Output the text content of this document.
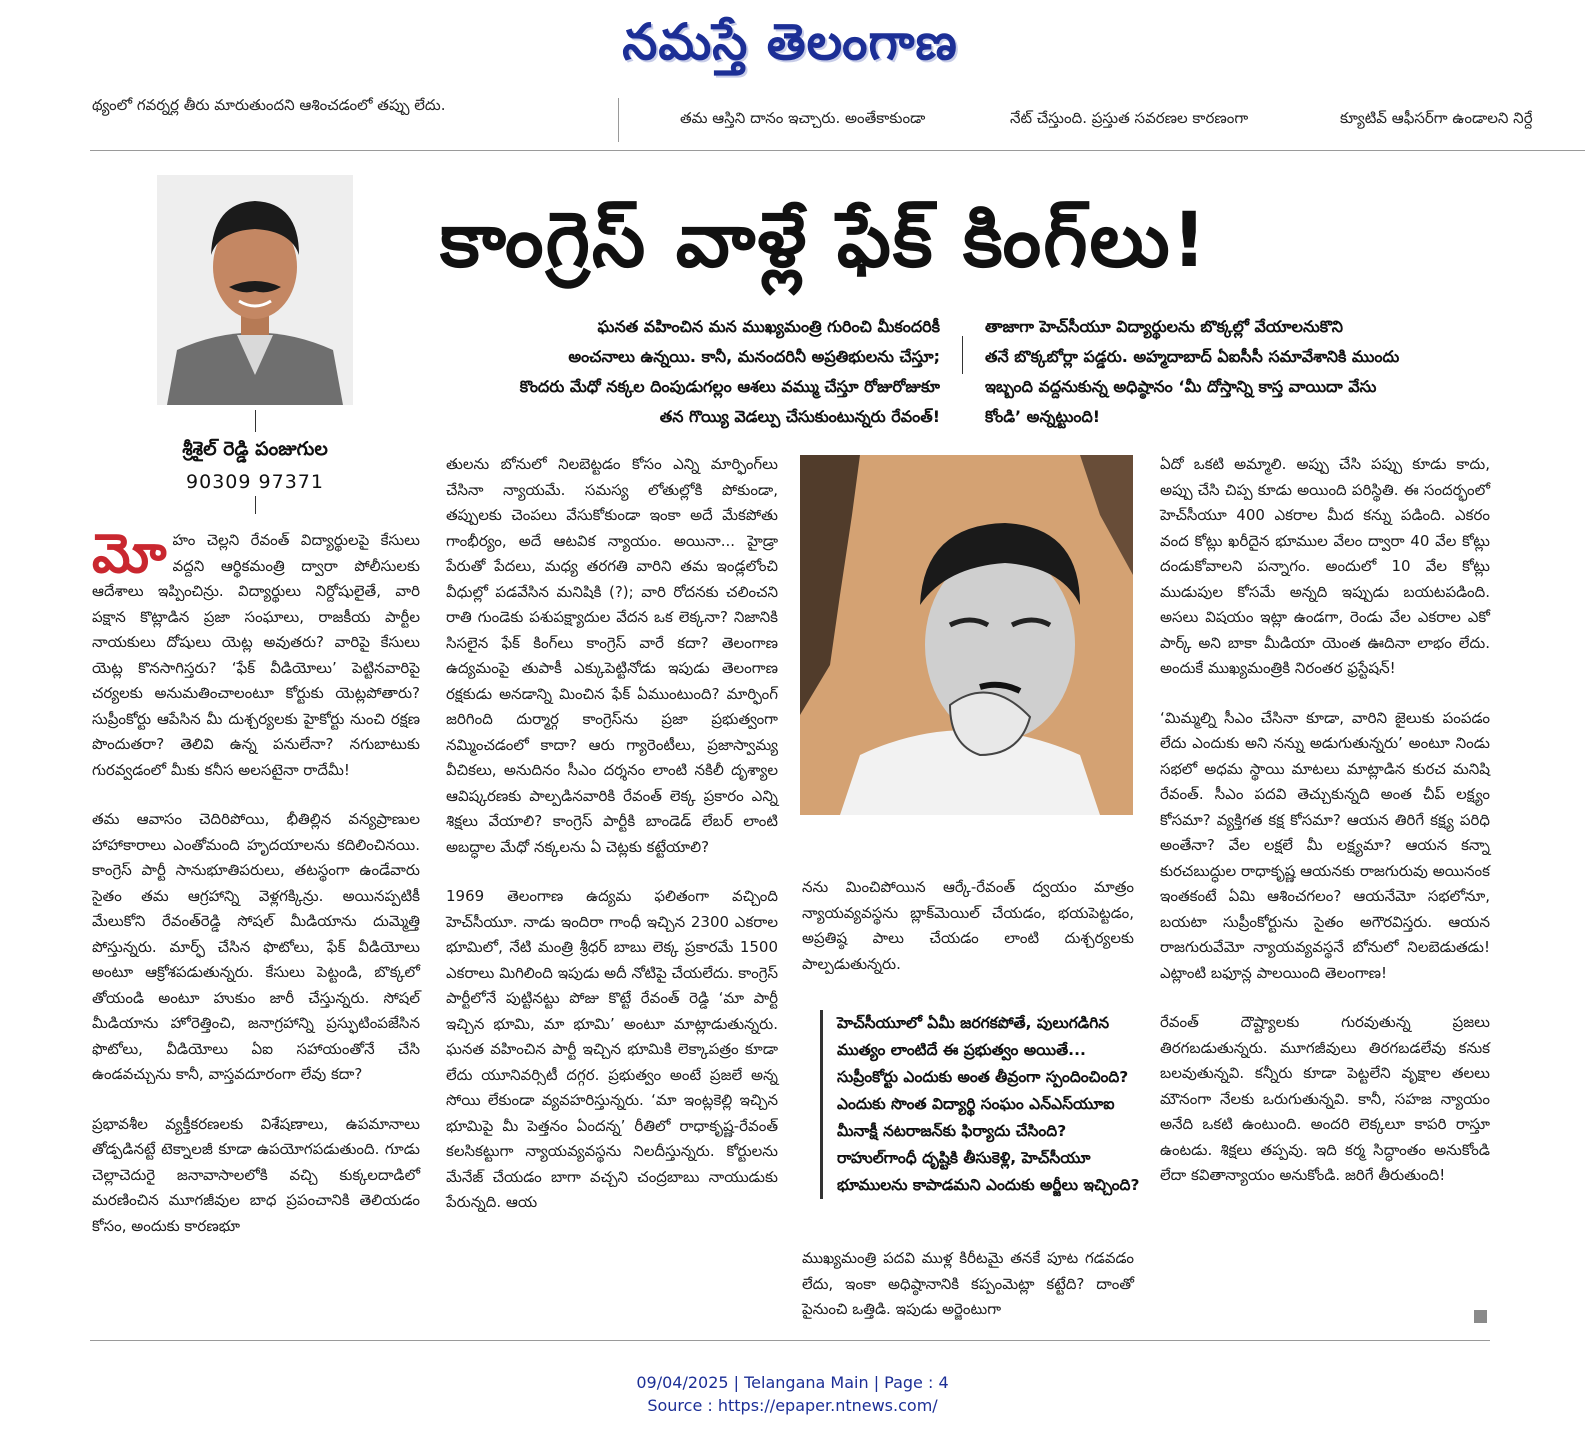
నమస్తే తెలంగాణ
థ్యంలో గవర్నర్ల తీరు మారుతుందని ఆశించడంలో తప్పు లేదు.
తమ ఆస్తిని దానం ఇచ్చారు. అంతేకాకుండా	నేట్ చేస్తుంది. ప్రస్తుత సవరణల కారణంగా	క్యూటివ్ ఆఫీసర్‌గా ఉండాలని నిర్దే
శ్రీశైల్ రెడ్డి పంజుగుల
90309 97371
కాంగ్రెస్ వాళ్లే ఫేక్ కింగ్‌లు!

ఘనత వహించిన మన ముఖ్యమంత్రి గురించి మీకందరికీ

అంచనాలు ఉన్నయి. కానీ, మనందరినీ అప్రతిభులను చేస్తూ;

కొందరు మేధో నక్కల దింపుడుగల్లం ఆశలు వమ్ము చేస్తూ రోజురోజుకూ

తన గొయ్యి వెడల్పు చేసుకుంటున్నరు రేవంత్!

తాజాగా హెచ్‌సీయూ విద్యార్థులను బొక్కల్లో వేయాలనుకొని

తనే బొక్కబోర్లా పడ్డరు. అహ్మదాబాద్ ఏఐసీసీ సమావేశానికి ముందు

ఇబ్బంది వద్దనుకున్న అధిష్ఠానం ‘మీ దోస్తాన్ని కాస్త వాయిదా వేసు

కోండి’ అన్నట్టుంది!

మోహం చెల్లని రేవంత్ విద్యార్థులపై కేసులు వద్దని ఆర్థికమంత్రి ద్వారా పోలీసులకు ఆదేశాలు ఇప్పించిన్రు. విద్యార్థులు నిర్దోషులైతే, వారి పక్షాన కొట్లాడిన ప్రజా సంఘాలు, రాజకీయ పార్టీల నాయకులు దోషులు యెట్ల అవుతరు? వారిపై కేసులు యెట్ల కొనసాగిస్తరు? ‘ఫేక్ వీడియోలు’ పెట్టినవారిపై చర్యలకు అనుమతించాలంటూ కోర్టుకు యెట్లపోతారు? సుప్రీంకోర్టు ఆపేసిన మీ దుశ్చర్యలకు హైకోర్టు నుంచి రక్షణ పొందుతరా? తెలివి ఉన్న పనులేనా? నగుబాటుకు గురవ్వడంలో మీకు కనీస అలసటైనా రాదేమీ!

తమ ఆవాసం చెదిరిపోయి, భీతిల్లిన వన్యప్రాణుల హాహాకారాలు ఎంతోమంది హృదయాలను కదిలించినయి. కాంగ్రెస్ పార్టీ సానుభూతిపరులు, తటస్థంగా ఉండేవారు సైతం తమ ఆగ్రహాన్ని వెళ్లగక్కిన్రు. అయినప్పటికీ మేలుకోని రేవంత్‌రెడ్డి సోషల్ మీడియాను దుమ్మెత్తి పోస్తున్నరు. మార్ఫ్ చేసిన ఫొటోలు, ఫేక్ వీడియోలు అంటూ ఆక్రోశపడుతున్నరు. కేసులు పెట్టండి, బొక్కలో తోయండి అంటూ హుకుం జారీ చేస్తున్నరు. సోషల్ మీడియాను హోరెత్తించి, జనాగ్రహాన్ని ప్రస్ఫుటింపజేసిన ఫొటోలు, వీడియోలు ఏఐ సహాయంతోనే చేసి ఉండవచ్చును కానీ, వాస్తవదూరంగా లేవు కదా?

ప్రభావశీల వ్యక్తీకరణలకు విశేషణాలు, ఉపమానాలు తోడ్పడినట్టే టెక్నాలజీ కూడా ఉపయోగపడుతుంది. గూడు చెల్లాచెదురై జనావాసాలలోకి వచ్చి కుక్కలదాడిలో మరణించిన మూగజీవుల బాధ ప్రపంచానికి తెలియడం కోసం, అందుకు కారణభూ

తులను బోనులో నిలబెట్టడం కోసం ఎన్ని మార్ఫింగ్‌లు చేసినా న్యాయమే. సమస్య లోతుల్లోకి పోకుండా, తప్పులకు చెంపలు వేసుకోకుండా ఇంకా అదే మేకపోతు గాంభీర్యం, అదే ఆటవిక న్యాయం. అయినా... హైడ్రా పేరుతో పేదలు, మధ్య తరగతి వారిని తమ ఇండ్లలోంచి వీధుల్లో పడవేసిన మనిషికి (?); వారి రోదనకు చలించని రాతి గుండెకు పశుపక్ష్యాదుల వేదన ఒక లెక్కనా? నిజానికి సిసలైన ఫేక్ కింగ్‌లు కాంగ్రెస్ వారే కదా? తెలంగాణ ఉద్యమంపై తుపాకీ ఎక్కుపెట్టినోడు ఇపుడు తెలంగాణ రక్షకుడు అనడాన్ని మించిన ఫేక్ ఏముంటుంది? మార్ఫింగ్ జరిగింది దుర్మార్గ కాంగ్రెస్‌ను ప్రజా ప్రభుత్వంగా నమ్మించడంలో కాదా? ఆరు గ్యారెంటీలు, ప్రజాస్వామ్య వీచికలు, అనుదినం సీఎం దర్శనం లాంటి నకిలీ దృశ్యాల ఆవిష్కరణకు పాల్పడినవారికి రేవంత్ లెక్క ప్రకారం ఎన్ని శిక్షలు వేయాలి? కాంగ్రెస్ పార్టీకి బాండెడ్ లేబర్ లాంటి అబద్ధాల మేధో నక్కలను ఏ చెట్లకు కట్టేయాలి?

1969 తెలంగాణ ఉద్యమ ఫలితంగా వచ్చింది హెచ్‌సీయూ. నాడు ఇందిరా గాంధీ ఇచ్చిన 2300 ఎకరాల భూమిలో, నేటి మంత్రి శ్రీధర్ బాబు లెక్క ప్రకారమే 1500 ఎకరాలు మిగిలింది ఇపుడు అదీ నోటిపై చేయలేదు. కాంగ్రెస్ పార్టీలోనే పుట్టినట్టు పోజు కొట్టే రేవంత్ రెడ్డి ‘మా పార్టీ ఇచ్చిన భూమి, మా భూమి’ అంటూ మాట్లాడుతున్నరు. ఘనత వహించిన పార్టీ ఇచ్చిన భూమికి లెక్కాపత్రం కూడా లేదు యూనివర్సిటీ దగ్గర. ప్రభుత్వం అంటే ప్రజలే అన్న సోయి లేకుండా వ్యవహరిస్తున్నరు. ‘మా ఇంట్లకెల్లి ఇచ్చిన భూమిపై మీ పెత్తనం ఏందన్న’ రీతిలో రాధాకృష్ణ-రేవంత్ కలసికట్టుగా న్యాయవ్యవస్థను నిలదీస్తున్నరు. కోర్టులను మేనేజ్ చేయడం బాగా వచ్చని చంద్రబాబు నాయుడుకు పేరున్నది. ఆయ

నను మించిపోయిన ఆర్కే-రేవంత్ ద్వయం మాత్రం న్యాయవ్యవస్థను బ్లాక్‌మెయిల్ చేయడం, భయపెట్టడం, అప్రతిష్ఠ పాలు చేయడం లాంటి దుశ్చర్యలకు పాల్పడుతున్నరు.

హెచ్‌సీయూలో ఏమీ జరగకపోతే, పులుగడిగిన ముత్యం లాంటిదే ఈ ప్రభుత్వం అయితే... సుప్రీంకోర్టు ఎందుకు అంత తీవ్రంగా స్పందించింది? ఎందుకు సొంత విద్యార్థి సంఘం ఎన్ఎస్‌యూఐ మీనాక్షీ నటరాజన్‌కు ఫిర్యాదు చేసింది? రాహుల్‌గాంధీ దృష్టికి తీసుకెళ్లి, హెచ్‌సీయూ భూములను కాపాడమని ఎందుకు అర్జీలు ఇచ్చింది?

ముఖ్యమంత్రి పదవి ముళ్ల కిరీటమై తనకే పూట గడవడం లేదు, ఇంకా అధిష్ఠానానికి కప్పంమెట్లా కట్టేది? దాంతో పైనుంచి ఒత్తిడి. ఇపుడు అర్జెంటుగా

ఏదో ఒకటి అమ్మాలి. అప్పు చేసి పప్పు కూడు కాదు, అప్పు చేసి చిప్ప కూడు అయింది పరిస్థితి. ఈ సందర్భంలో హెచ్‌సీయూ 400 ఎకరాల మీద కన్ను పడింది. ఎకరం వంద కోట్లు ఖరీదైన భూముల వేలం ద్వారా 40 వేల కోట్లు దండుకోవాలని పన్నాగం. అందులో 10 వేల కోట్లు ముడుపుల కోసమే అన్నది ఇప్పుడు బయటపడింది. అసలు విషయం ఇట్లా ఉండగా, రెండు వేల ఎకరాల ఎకో పార్క్ అని బాకా మీడియా యెంత ఊదినా లాభం లేదు. అందుకే ముఖ్యమంత్రికి నిరంతర ఫ్రస్టేషన్!

‘మిమ్మల్ని సీఎం చేసినా కూడా, వారిని జైలుకు పంపడం లేదు ఎందుకు అని నన్ను అడుగుతున్నరు’ అంటూ నిండు సభలో అధమ స్థాయి మాటలు మాట్లాడిన కురచ మనిషి రేవంత్. సీఎం పదవి తెచ్చుకున్నది అంత చీప్ లక్ష్యం కోసమా? వ్యక్తిగత కక్ష కోసమా? ఆయన తిరిగే కక్ష్య పరిధి అంతేనా? వేల లక్షలే మీ లక్ష్యమా? ఆయన కన్నా కురచబుద్ధుల రాధాకృష్ణ ఆయనకు రాజగురువు అయినంక ఇంతకంటే ఏమి ఆశించగలం? ఆయనేమో సభలోనూ, బయటా సుప్రీంకోర్టును సైతం అగౌరవిస్తరు. ఆయన రాజగురువేమో న్యాయవ్యవస్థనే బోనులో నిలబెడుతడు! ఎట్లాంటి బఫూన్ల పాలయింది తెలంగాణ!

రేవంత్ దౌష్ట్యాలకు గురవుతున్న ప్రజలు తిరగబడుతున్నరు. మూగజీవులు తిరగబడలేవు కనుక బలవుతున్నవి. కన్నీరు కూడా పెట్టలేని వృక్షాల తలలు మౌనంగా నేలకు ఒరుగుతున్నవి. కానీ, సహజ న్యాయం అనేది ఒకటి ఉంటుంది. అందరి లెక్కలూ కాపరి రాస్తూ ఉంటడు. శిక్షలు తప్పవు. ఇది కర్మ సిద్ధాంతం అనుకోండి లేదా కవితాన్యాయం అనుకోండి. జరిగే తీరుతుంది!

09/04/2025 | Telangana Main | Page : 4
Source : https://epaper.ntnews.com/
